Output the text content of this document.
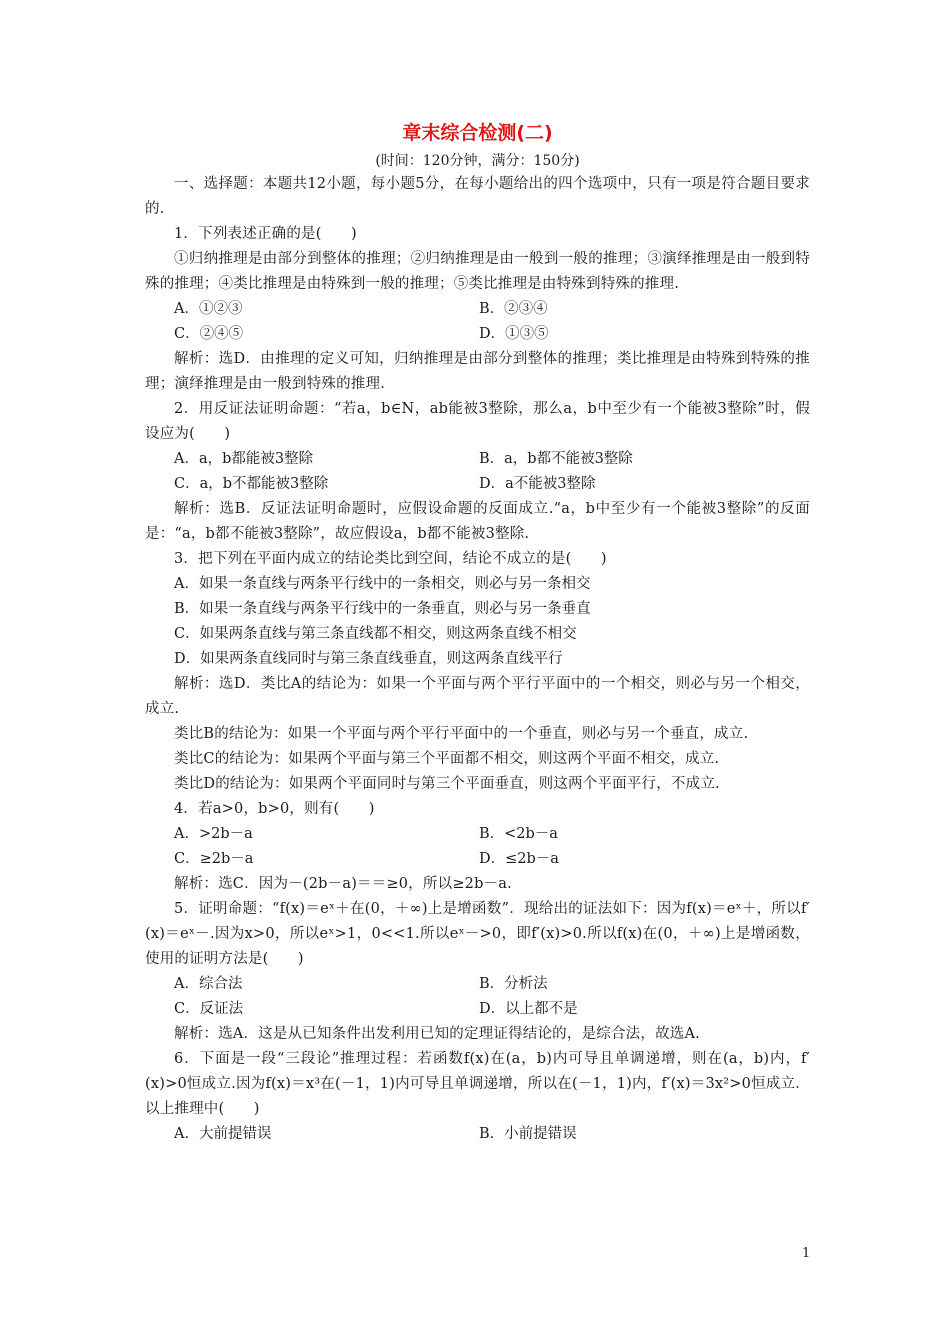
章末综合检测(二)
(时间：120分钟，满分：150分)

一、选择题：本题共12小题，每小题5分，在每小题给出的四个选项中，只有一项是符合题目要求的.

1．下列表述正确的是(　　)

①归纳推理是由部分到整体的推理；②归纳推理是由一般到一般的推理；③演绎推理是由一般到特殊的推理；④类比推理是由特殊到一般的推理；⑤类比推理是由特殊到特殊的推理.

A．①②③	B．②③④
C．②④⑤	D．①③⑤

解析：选D．由推理的定义可知，归纳推理是由部分到整体的推理；类比推理是由特殊到特殊的推理；演绎推理是由一般到特殊的推理.

2．用反证法证明命题：“若a，b∈N，ab能被3整除，那么a，b中至少有一个能被3整除”时，假设应为(　　)

A．a，b都能被3整除	B．a，b都不能被3整除
C．a，b不都能被3整除	D．a不能被3整除

解析：选B．反证法证明命题时，应假设命题的反面成立.“a，b中至少有一个能被3整除”的反面是：“a，b都不能被3整除”，故应假设a，b都不能被3整除.

3．把下列在平面内成立的结论类比到空间，结论不成立的是(　　)

A．如果一条直线与两条平行线中的一条相交，则必与另一条相交
B．如果一条直线与两条平行线中的一条垂直，则必与另一条垂直
C．如果两条直线与第三条直线都不相交，则这两条直线不相交
D．如果两条直线同时与第三条直线垂直，则这两条直线平行

解析：选D．类比A的结论为：如果一个平面与两个平行平面中的一个相交，则必与另一个相交，成立.

类比B的结论为：如果一个平面与两个平行平面中的一个垂直，则必与另一个垂直，成立.

类比C的结论为：如果两个平面与第三个平面都不相交，则这两个平面不相交，成立.

类比D的结论为：如果两个平面同时与第三个平面垂直，则这两个平面平行，不成立.

4．若a>0，b>0，则有(　　)

A．>2b－a	B．<2b－a
C．≥2b－a	D．≤2b－a

解析：选C．因为－(2b－a)＝＝≥0，所以≥2b－a.

5．证明命题：“f(x)＝eˣ＋在(0，＋∞)上是增函数”．现给出的证法如下：因为f(x)＝eˣ＋，所以f′(x)＝eˣ－.因为x>0，所以eˣ>1，0<<1.所以eˣ－>0，即f′(x)>0.所以f(x)在(0，＋∞)上是增函数，使用的证明方法是(　　)

A．综合法	B．分析法
C．反证法	D．以上都不是

解析：选A．这是从已知条件出发利用已知的定理证得结论的，是综合法，故选A.

6．下面是一段“三段论”推理过程：若函数f(x)在(a，b)内可导且单调递增，则在(a，b)内，f′(x)>0恒成立.因为f(x)＝x³在(－1，1)内可导且单调递增，所以在(－1，1)内，f′(x)＝3x²>0恒成立．以上推理中(　　)

A．大前提错误	B．小前提错误
1
